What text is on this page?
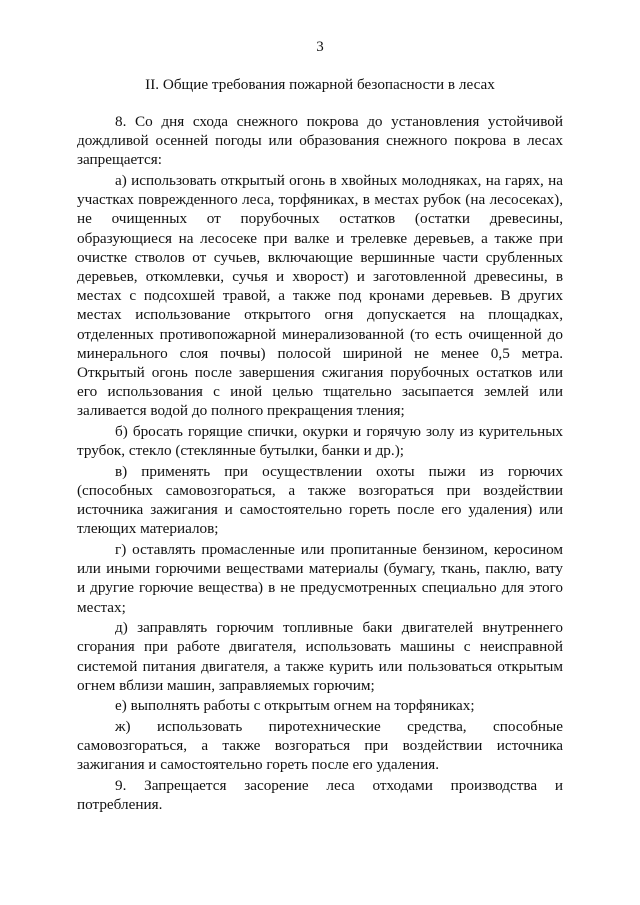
3
II. Общие требования пожарной безопасности в лесах

8. Со дня схода снежного покрова до установления устойчивой дождливой осенней погоды или образования снежного покрова в лесах запрещается:

а) использовать открытый огонь в хвойных молодняках, на гарях, на участках поврежденного леса, торфяниках, в местах рубок (на лесосеках), не очищенных от порубочных остатков (остатки древесины, образующиеся на лесосеке при валке и трелевке деревьев, а также при очистке стволов от сучьев, включающие вершинные части срубленных деревьев, откомлевки, сучья и хворост) и заготовленной древесины, в местах с подсохшей травой, а также под кронами деревьев. В других местах использование открытого огня допускается на площадках, отделенных противопожарной минерализованной (то есть очищенной до минерального слоя почвы) полосой шириной не менее 0,5 метра. Открытый огонь после завершения сжигания порубочных остатков или его использования с иной целью тщательно засыпается землей или заливается водой до полного прекращения тления;

б) бросать горящие спички, окурки и горячую золу из курительных трубок, стекло (стеклянные бутылки, банки и др.);

в) применять при осуществлении охоты пыжи из горючих (способных самовозгораться, а также возгораться при воздействии источника зажигания и самостоятельно гореть после его удаления) или тлеющих материалов;

г) оставлять промасленные или пропитанные бензином, керосином или иными горючими веществами материалы (бумагу, ткань, паклю, вату и другие горючие вещества) в не предусмотренных специально для этого местах;

д) заправлять горючим топливные баки двигателей внутреннего сгорания при работе двигателя, использовать машины с неисправной системой питания двигателя, а также курить или пользоваться открытым огнем вблизи машин, заправляемых горючим;

е) выполнять работы с открытым огнем на торфяниках;

ж) использовать пиротехнические средства, способные самовозгораться, а также возгораться при воздействии источника зажигания и самостоятельно гореть после его удаления.

9. Запрещается засорение леса отходами производства и потребления.
